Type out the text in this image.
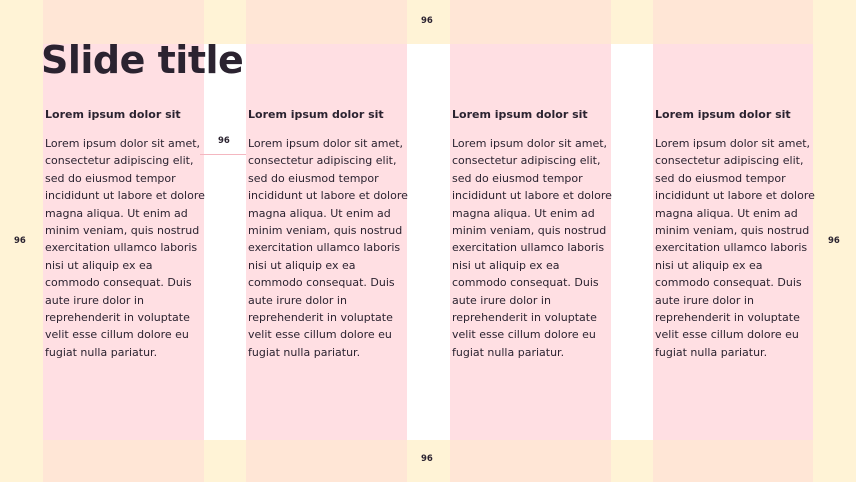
96
96
96	96
96
Slide title

Lorem ipsum dolor sit

Lorem ipsum dolor sit amet, consectetur adipiscing elit, sed do eiusmod tempor incididunt ut labore et dolore magna aliqua. Ut enim ad minim veniam, quis nostrud exercitation ullamco laboris nisi ut aliquip ex ea commodo consequat. Duis aute irure dolor in reprehenderit in voluptate velit esse cillum dolore eu fugiat nulla pariatur.

Lorem ipsum dolor sit

Lorem ipsum dolor sit amet, consectetur adipiscing elit, sed do eiusmod tempor incididunt ut labore et dolore magna aliqua. Ut enim ad minim veniam, quis nostrud exercitation ullamco laboris nisi ut aliquip ex ea commodo consequat. Duis aute irure dolor in reprehenderit in voluptate velit esse cillum dolore eu fugiat nulla pariatur.

Lorem ipsum dolor sit

Lorem ipsum dolor sit amet, consectetur adipiscing elit, sed do eiusmod tempor incididunt ut labore et dolore magna aliqua. Ut enim ad minim veniam, quis nostrud exercitation ullamco laboris nisi ut aliquip ex ea commodo consequat. Duis aute irure dolor in reprehenderit in voluptate velit esse cillum dolore eu fugiat nulla pariatur.

Lorem ipsum dolor sit

Lorem ipsum dolor sit amet, consectetur adipiscing elit, sed do eiusmod tempor incididunt ut labore et dolore magna aliqua. Ut enim ad minim veniam, quis nostrud exercitation ullamco laboris nisi ut aliquip ex ea commodo consequat. Duis aute irure dolor in reprehenderit in voluptate velit esse cillum dolore eu fugiat nulla pariatur.
